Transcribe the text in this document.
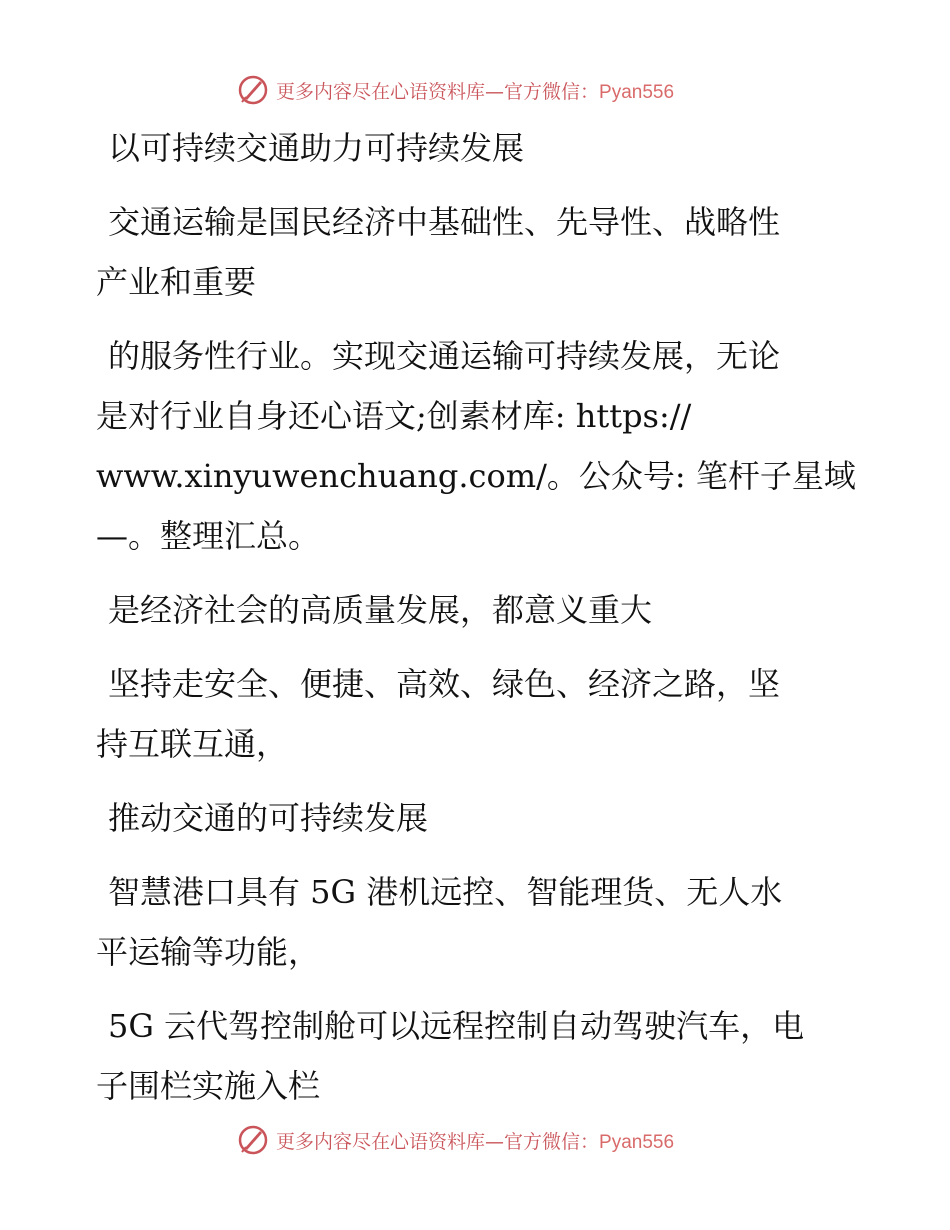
更多内容尽在心语资料库—官方微信：Pyan556
以可持续交通助力可持续发展
交通运输是国民经济中基础性、先导性、战略性
产业和重要
的服务性行业。实现交通运输可持续发展，无论
是对行业自身还心语文;创素材库: https://
www.xinyuwenchuang.com/。公众号: 笔杆子星域
—。整理汇总。
是经济社会的高质量发展，都意义重大
坚持走安全、便捷、高效、绿色、经济之路，坚
持互联互通，
推动交通的可持续发展
智慧港口具有 5G 港机远控、智能理货、无人水
平运输等功能，
5G 云代驾控制舱可以远程控制自动驾驶汽车，电
子围栏实施入栏
更多内容尽在心语资料库—官方微信：Pyan556
